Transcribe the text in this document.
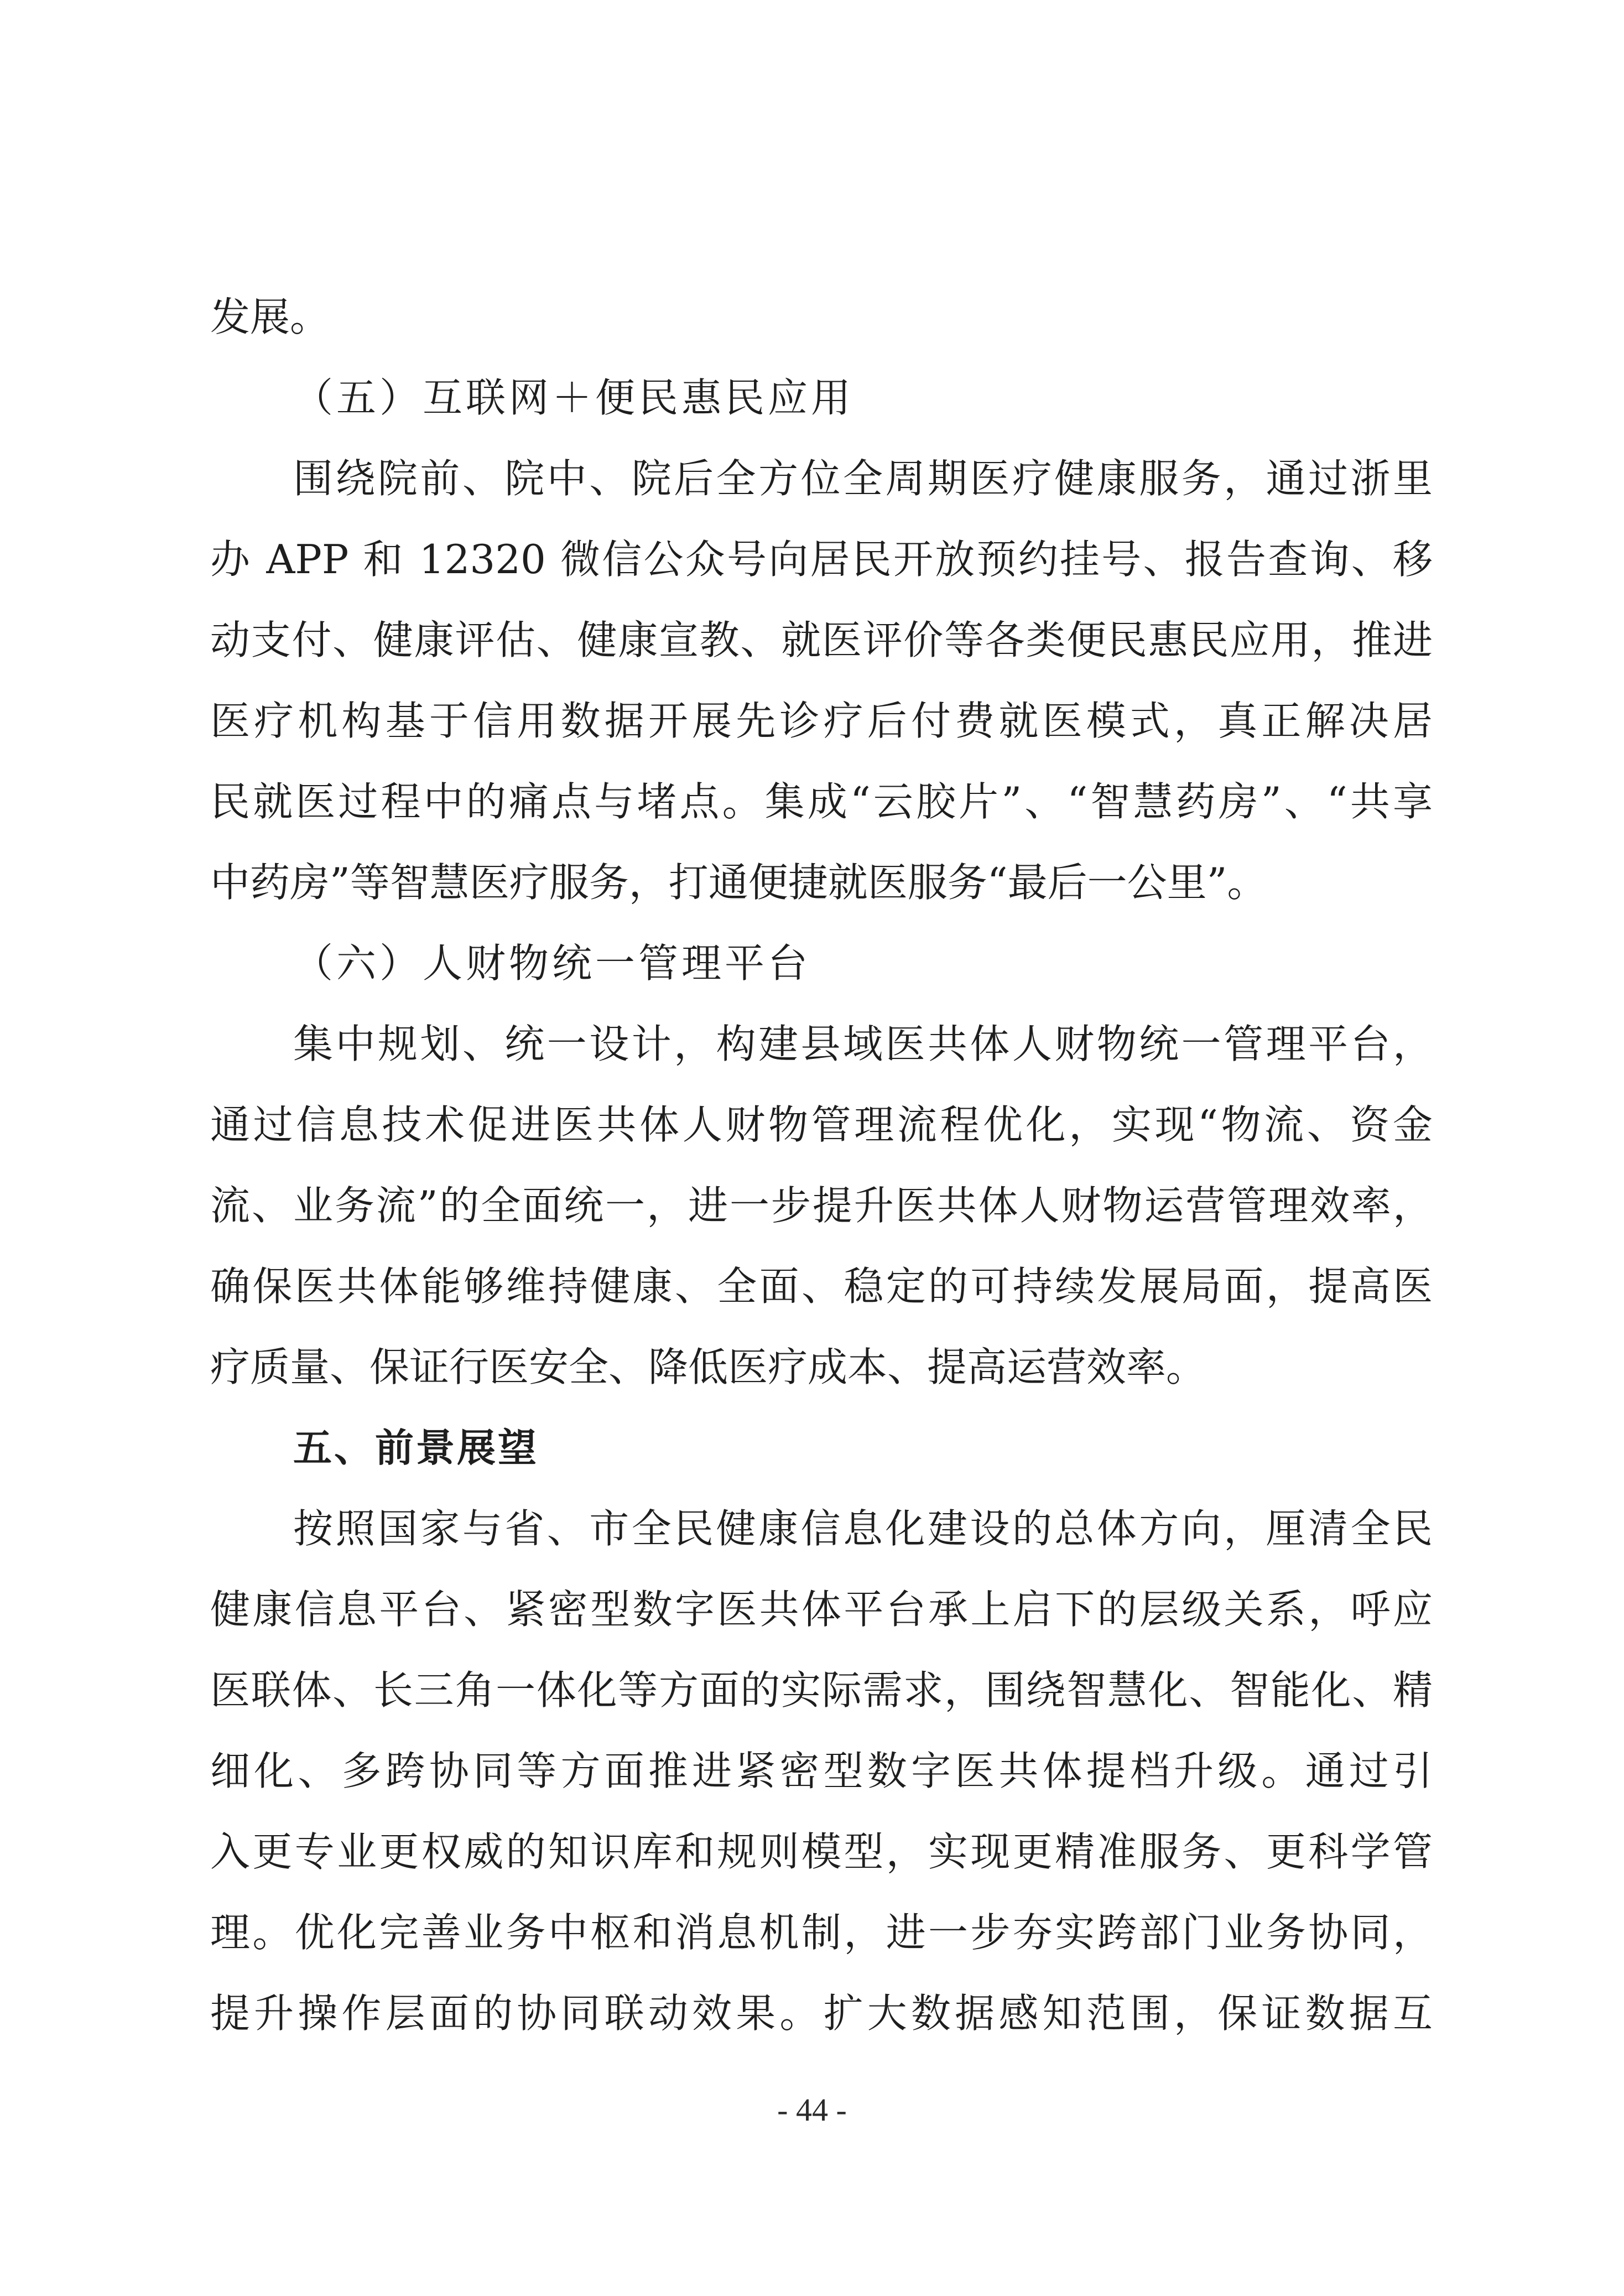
发展。
（五）互联网＋便民惠民应用
围绕院前、院中、院后全方位全周期医疗健康服务，通过浙里
办 APP 和 12320 微信公众号向居民开放预约挂号、报告查询、移
动支付、健康评估、健康宣教、就医评价等各类便民惠民应用，推进
医疗机构基于信用数据开展先诊疗后付费就医模式，真正解决居
民就医过程中的痛点与堵点。集成“云胶片”、“智慧药房”、“共享
中药房”等智慧医疗服务，打通便捷就医服务“最后一公里”。
（六）人财物统一管理平台
集中规划、统一设计，构建县域医共体人财物统一管理平台，
通过信息技术促进医共体人财物管理流程优化，实现“物流、资金
流、业务流”的全面统一，进一步提升医共体人财物运营管理效率，
确保医共体能够维持健康、全面、稳定的可持续发展局面，提高医
疗质量、保证行医安全、降低医疗成本、提高运营效率。
五、前景展望
按照国家与省、市全民健康信息化建设的总体方向，厘清全民
健康信息平台、紧密型数字医共体平台承上启下的层级关系，呼应
医联体、长三角一体化等方面的实际需求，围绕智慧化、智能化、精
细化、多跨协同等方面推进紧密型数字医共体提档升级。通过引
入更专业更权威的知识库和规则模型，实现更精准服务、更科学管
理。优化完善业务中枢和消息机制，进一步夯实跨部门业务协同，
提升操作层面的协同联动效果。扩大数据感知范围，保证数据互
- 44 -
